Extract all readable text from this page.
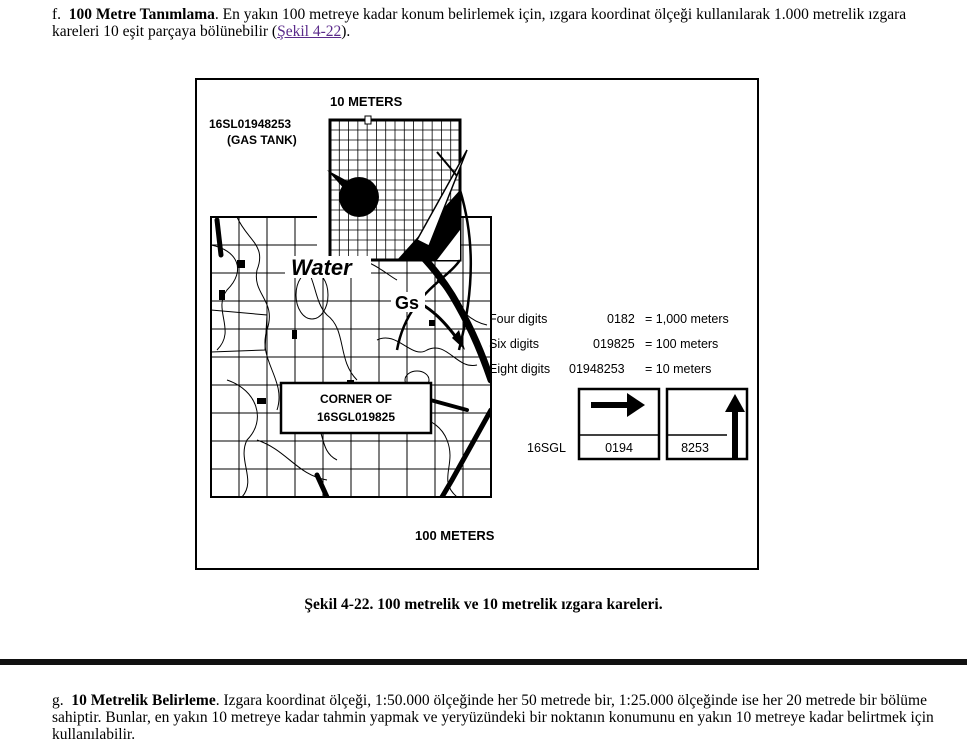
f. 100 Metre Tanımlama. En yakın 100 metreye kadar konum belirlemek için, ızgara koordinat ölçeği kullanılarak 1.000 metrelik ızgara kareleri 10 eşit parçaya bölünebilir (Şekil 4-22).
10 METERS
16SL01948253
(GAS TANK)
Water
Gs
CORNER OF
16SGL019825
100 METERS
Four digits	0182 = 1,000 meters
Six digits	019825 = 100 meters
Eight digits 01948253 = 10 meters
16SGL	0194	8253
Şekil 4-22. 100 metrelik ve 10 metrelik ızgara kareleri.
g. 10 Metrelik Belirleme. Izgara koordinat ölçeği, 1:50.000 ölçeğinde her 50 metrede bir, 1:25.000 ölçeğinde ise her 20 metrede bir bölüme sahiptir. Bunlar, en yakın 10 metreye kadar tahmin yapmak ve yeryüzündeki bir noktanın konumunu en yakın 10 metreye kadar belirtmek için kullanılabilir.
